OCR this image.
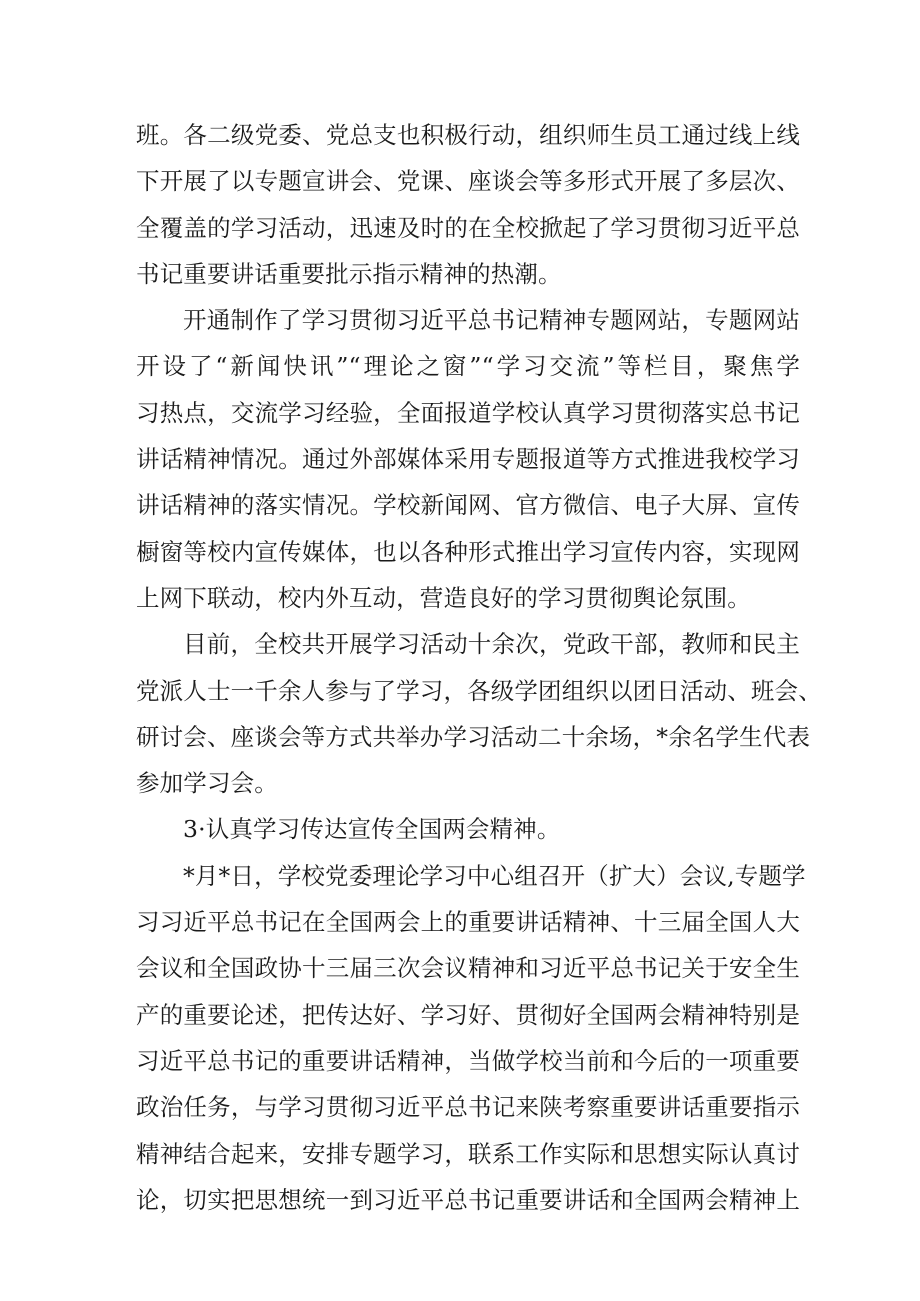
班。各二级党委、党总支也积极行动，组织师生员工通过线上线
下开展了以专题宣讲会、党课、座谈会等多形式开展了多层次、
全覆盖的学习活动，迅速及时的在全校掀起了学习贯彻习近平总
书记重要讲话重要批示指示精神的热潮。
开通制作了学习贯彻习近平总书记精神专题网站，专题网站
开设了“新闻快讯”“理论之窗”“学习交流”等栏目，聚焦学
习热点，交流学习经验，全面报道学校认真学习贯彻落实总书记
讲话精神情况。通过外部媒体采用专题报道等方式推进我校学习
讲话精神的落实情况。学校新闻网、官方微信、电子大屏、宣传
橱窗等校内宣传媒体，也以各种形式推出学习宣传内容，实现网
上网下联动，校内外互动，营造良好的学习贯彻舆论氛围。
目前，全校共开展学习活动十余次，党政干部，教师和民主
党派人士一千余人参与了学习，各级学团组织以团日活动、班会、
研讨会、座谈会等方式共举办学习活动二十余场，*余名学生代表
参加学习会。
3·认真学习传达宣传全国两会精神。
*月*日，学校党委理论学习中心组召开（扩大）会议,专题学
习习近平总书记在全国两会上的重要讲话精神、十三届全国人大
会议和全国政协十三届三次会议精神和习近平总书记关于安全生
产的重要论述，把传达好、学习好、贯彻好全国两会精神特别是
习近平总书记的重要讲话精神，当做学校当前和今后的一项重要
政治任务，与学习贯彻习近平总书记来陕考察重要讲话重要指示
精神结合起来，安排专题学习，联系工作实际和思想实际认真讨
论，切实把思想统一到习近平总书记重要讲话和全国两会精神上
